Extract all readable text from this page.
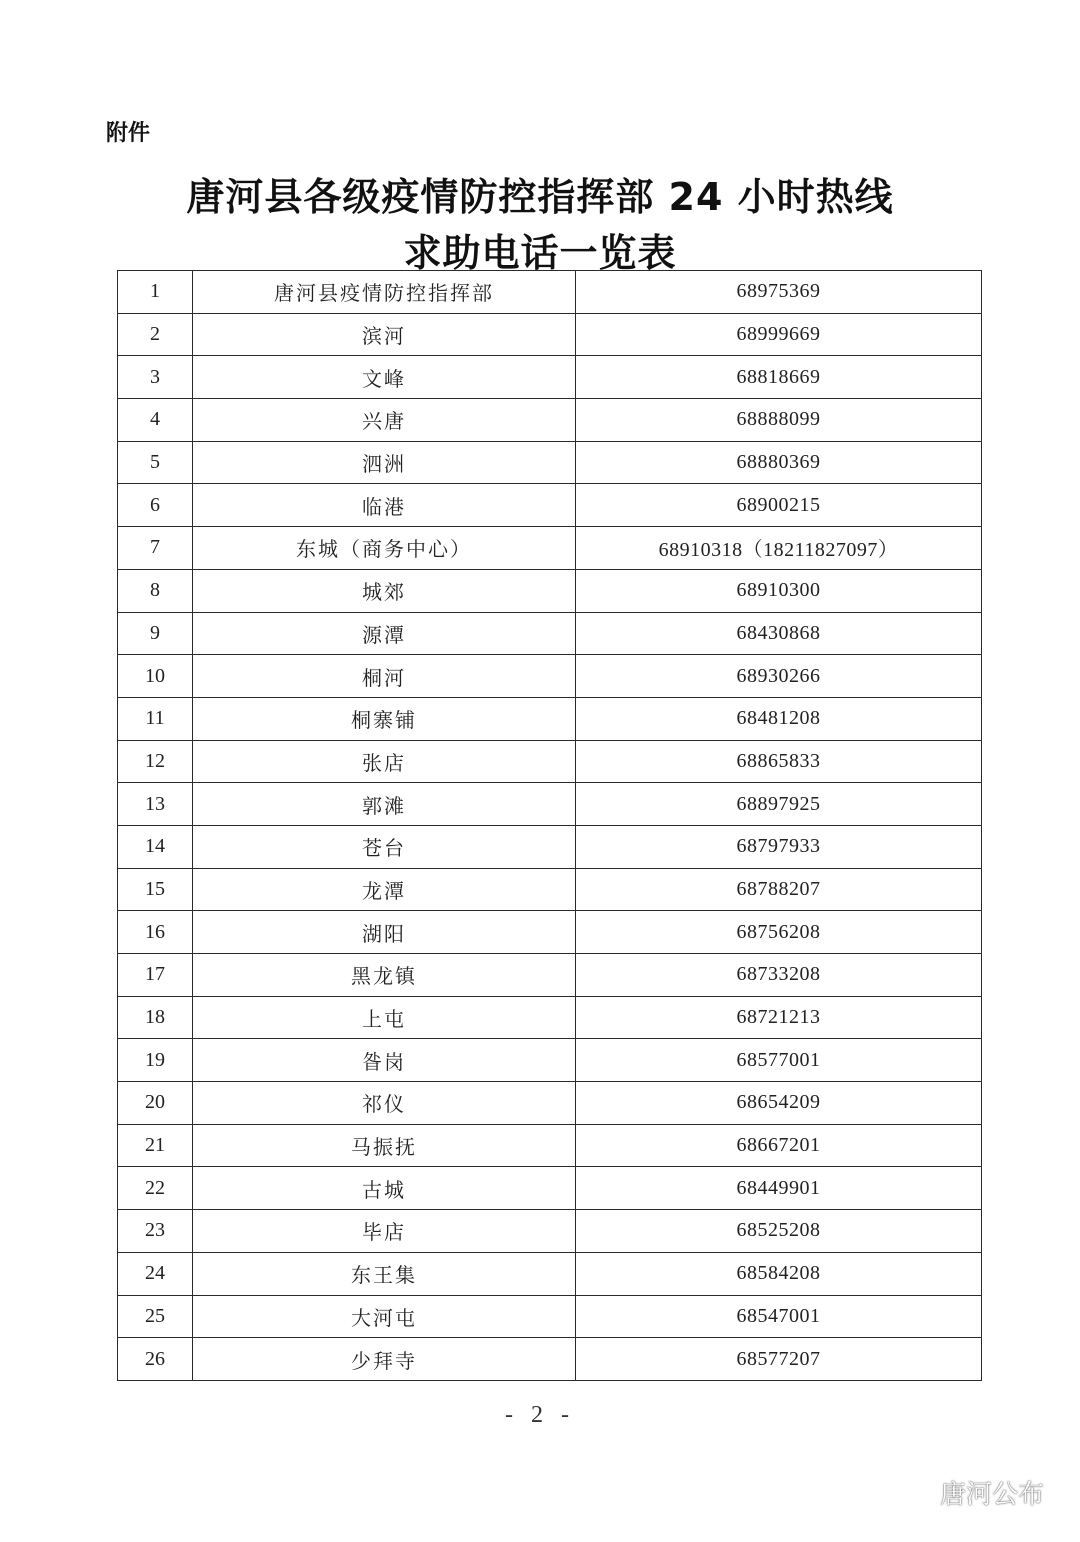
附件
唐河县各级疫情防控指挥部 24 小时热线
求助电话一览表
1	唐河县疫情防控指挥部	68975369
2	滨河	68999669
3	文峰	68818669
4	兴唐	68888099
5	泗洲	68880369
6	临港	68900215
7	东城（商务中心）	68910318（18211827097）
8	城郊	68910300
9	源潭	68430868
10	桐河	68930266
11	桐寨铺	68481208
12	张店	68865833
13	郭滩	68897925
14	苍台	68797933
15	龙潭	68788207
16	湖阳	68756208
17	黑龙镇	68733208
18	上屯	68721213
19	昝岗	68577001
20	祁仪	68654209
21	马振抚	68667201
22	古城	68449901
23	毕店	68525208
24	东王集	68584208
25	大河屯	68547001
26	少拜寺	68577207
- 2 -
唐河公布
